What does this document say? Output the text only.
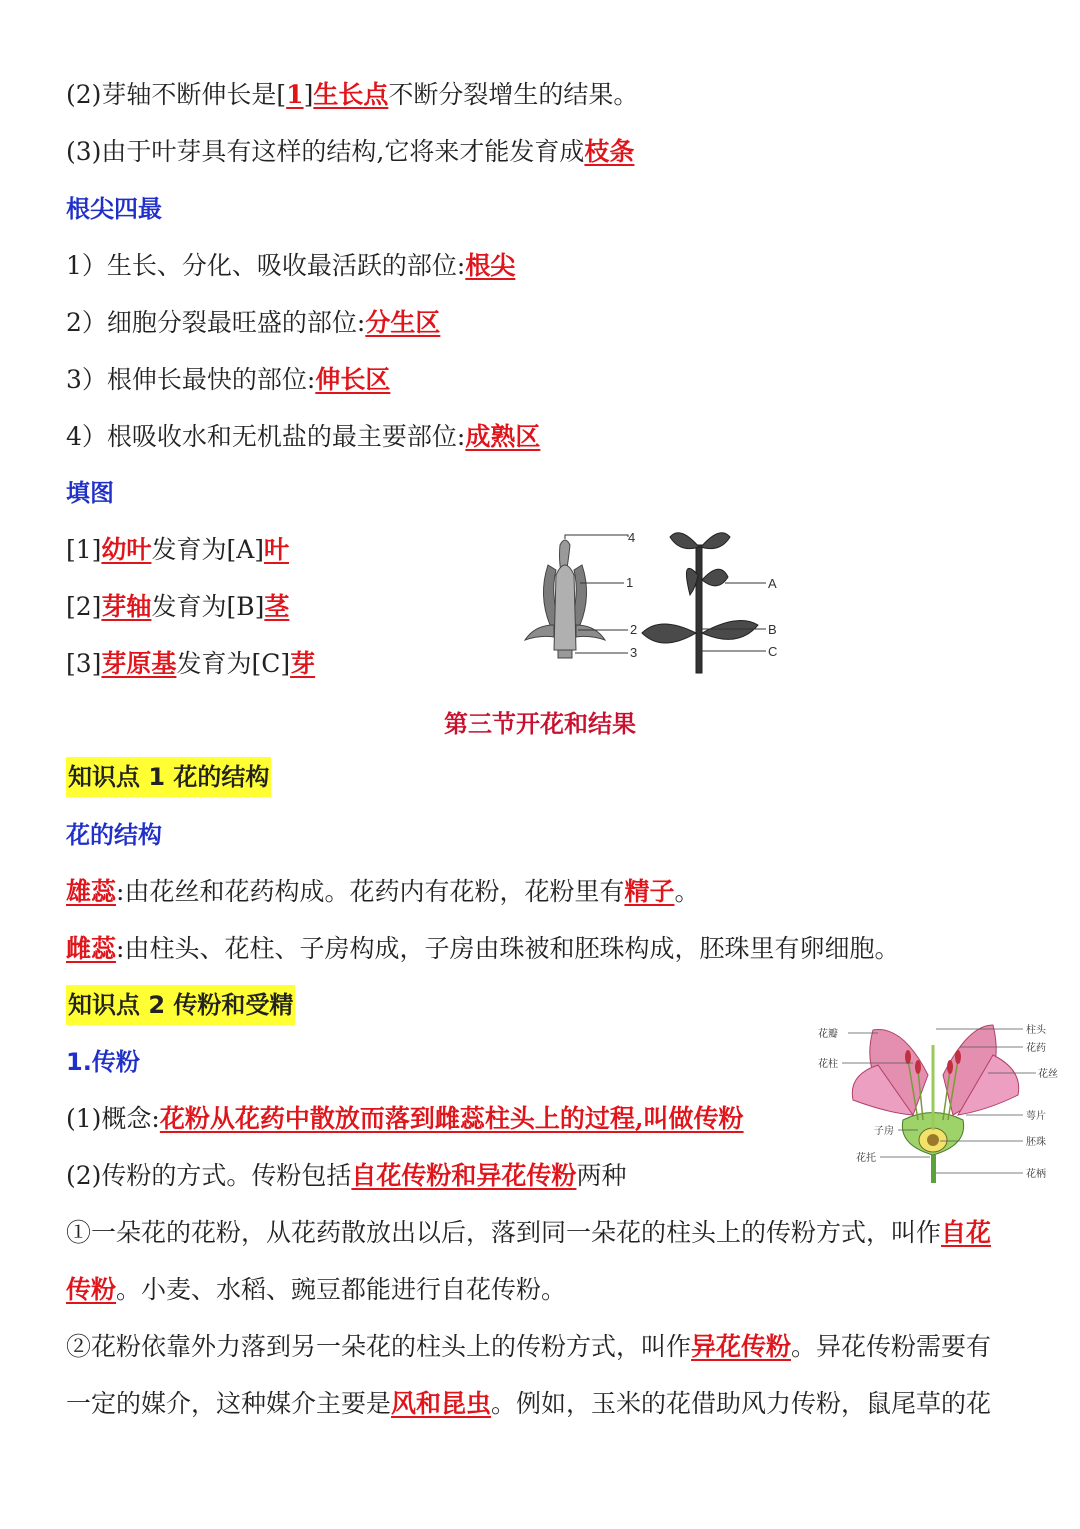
(2)芽轴不断伸长是[1]生长点不断分裂增生的结果。
(3)由于叶芽具有这样的结构,它将来才能发育成枝条
根尖四最
1）生长、分化、吸收最活跃的部位:根尖
2）细胞分裂最旺盛的部位:分生区
3）根伸长最快的部位:伸长区
4）根吸收水和无机盐的最主要部位:成熟区
填图
[1]幼叶发育为[A]叶
[2]芽轴发育为[B]茎
[3]芽原基发育为[C]芽
4
1
2
3
A
B
C
第三节开花和结果
知识点 1 花的结构
花的结构
雄蕊:由花丝和花药构成。花药内有花粉，花粉里有精子。
雌蕊:由柱头、花柱、子房构成，子房由珠被和胚珠构成，胚珠里有卵细胞。
知识点 2 传粉和受精
1.传粉
(1)概念:花粉从花药中散放而落到雌蕊柱头上的过程,叫做传粉
(2)传粉的方式。传粉包括自花传粉和异花传粉两种
①一朵花的花粉，从花药散放出以后，落到同一朵花的柱头上的传粉方式，叫作自花
传粉。小麦、水稻、豌豆都能进行自花传粉。
②花粉依靠外力落到另一朵花的柱头上的传粉方式，叫作异花传粉。异花传粉需要有
一定的媒介，这种媒介主要是风和昆虫。例如，玉米的花借助风力传粉，鼠尾草的花
花瓣
花柱
子房
花托
柱头
花药
花丝
萼片
胚珠
花柄
